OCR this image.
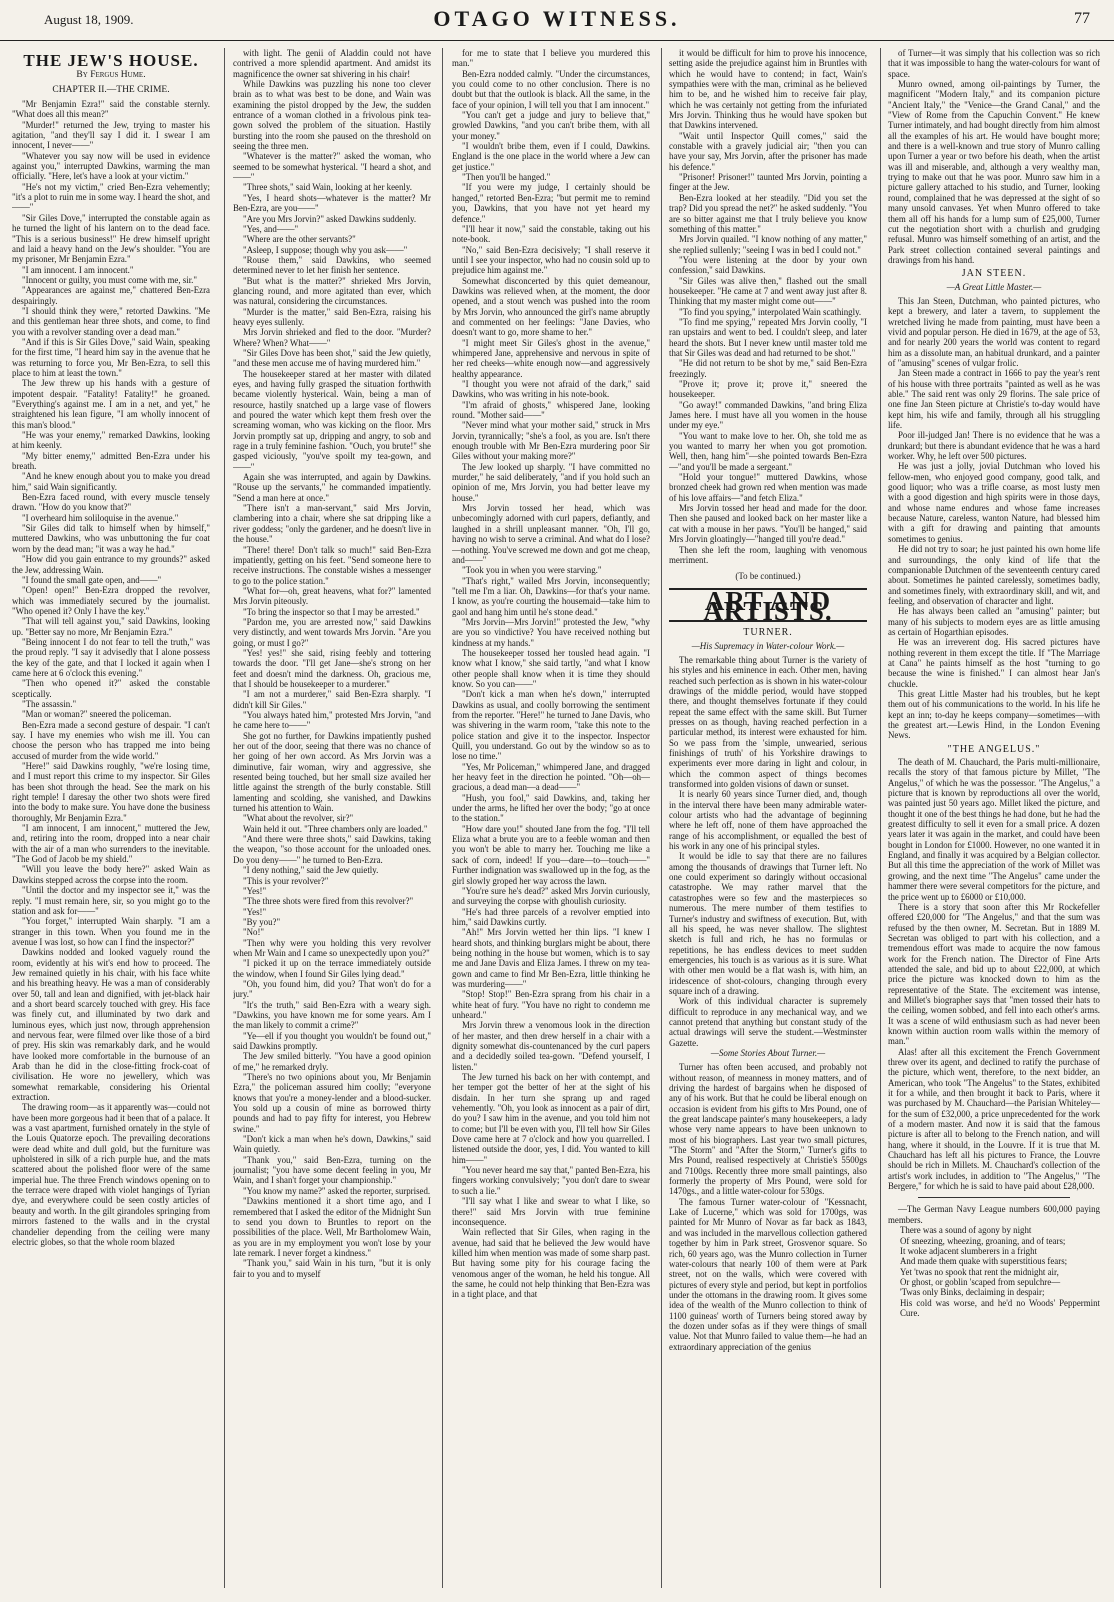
August 18, 1909.	OTAGO WITNESS.	77
THE JEW'S HOUSE.
By Fergus Hume.
CHAPTER II.—THE CRIME.

"Mr Benjamin Ezra!" said the constable sternly. "What does all this mean?"

"Murder!" returned the Jew, trying to master his agitation, "and they'll say I did it. I swear I am innocent, I never——"

"Whatever you say now will be used in evidence against you," interrupted Dawkins, warming the man officially. "Here, let's have a look at your victim."

"He's not my victim," cried Ben-Ezra vehemently; "it's a plot to ruin me in some way. I heard the shot, and——"

"Sir Giles Dove," interrupted the constable again as he turned the light of his lantern on to the dead face. "This is a serious business!" He drew himself upright and laid a heavy hand on the Jew's shoulder. "You are my prisoner, Mr Benjamin Ezra."

"I am innocent. I am innocent."

"Innocent or guilty, you must come with me, sir."

"Appearances are against me," chattered Ben-Ezra despairingly.

"I should think they were," retorted Dawkins. "Me and this gentleman hear three shots, and come, to find you with a revolver standing over a dead man."

"And if this is Sir Giles Dove," said Wain, speaking for the first time, "I heard him say in the avenue that he was returning to force you, Mr Ben-Ezra, to sell this place to him at least the town."

The Jew threw up his hands with a gesture of impotent despair. "Fatality! Fatality!" he groaned. "Everything's against me. I am in a net, and yet," he straightened his lean figure, "I am wholly innocent of this man's blood."

"He was your enemy," remarked Dawkins, looking at him keenly.

"My bitter enemy," admitted Ben-Ezra under his breath.

"And he knew enough about you to make you dread him," said Wain significantly.

Ben-Ezra faced round, with every muscle tensely drawn. "How do you know that?"

"I overheard him soliloquise in the avenue."

"Sir Giles did talk to himself when by himself," muttered Dawkins, who was unbuttoning the fur coat worn by the dead man; "it was a way he had."

"How did you gain entrance to my grounds?" asked the Jew, addressing Wain.

"I found the small gate open, and——"

"Open! open!" Ben-Ezra dropped the revolver, which was immediately secured by the journalist. "Who opened it? Only I have the key."

"That will tell against you," said Dawkins, looking up. "Better say no more, Mr Benjamin Ezra."

"Being innocent I do not fear to tell the truth," was the proud reply. "I say it advisedly that I alone possess the key of the gate, and that I locked it again when I came here at 6 o'clock this evening."

"Then who opened it?" asked the constable sceptically.

"The assassin."

"Man or woman?" sneered the policeman.

Ben-Ezra made a second gesture of despair. "I can't say. I have my enemies who wish me ill. You can choose the person who has trapped me into being accused of murder from the wide world."

"Here!" said Dawkins roughly, "we're losing time, and I must report this crime to my inspector. Sir Giles has been shot through the head. See the mark on his right temple! I daresay the other two shots were fired into the body to make sure. You have done the business thoroughly, Mr Benjamin Ezra."

"I am innocent, I am innocent," muttered the Jew, and, retiring into the room, dropped into a near chair with the air of a man who surrenders to the inevitable. "The God of Jacob be my shield."

"Will you leave the body here?" asked Wain as Dawkins stepped across the corpse into the room.

"Until the doctor and my inspector see it," was the reply. "I must remain here, sir, so you might go to the station and ask for——"

"You forget," interrupted Wain sharply. "I am a stranger in this town. When you found me in the avenue I was lost, so how can I find the inspector?"

Dawkins nodded and looked vaguely round the room, evidently at his wit's end how to proceed. The Jew remained quietly in his chair, with his face white and his breathing heavy. He was a man of considerably over 50, tall and lean and dignified, with jet-black hair and a short beard scarcely touched with grey. His face was finely cut, and illuminated by two dark and luminous eyes, which just now, through apprehension and nervous fear, were filmed over like those of a bird of prey. His skin was remarkably dark, and he would have looked more comfortable in the burnouse of an Arab than he did in the close-fitting frock-coat of civilisation. He wore no jewellery, which was somewhat remarkable, considering his Oriental extraction.

The drawing room—as it apparently was—could not have been more gorgeous had it been that of a palace. It was a vast apartment, furnished ornately in the style of the Louis Quatorze epoch. The prevailing decorations were dead white and dull gold, but the furniture was upholstered in silk of a rich purple hue, and the mats scattered about the polished floor were of the same imperial hue. The three French windows opening on to the terrace were draped with violet hangings of Tyrian dye, and everywhere could be seen costly articles of beauty and worth. In the gilt girandoles springing from mirrors fastened to the walls and in the crystal chandelier depending from the ceiling were many electric globes, so that the whole room blazed

with light. The genii of Aladdin could not have contrived a more splendid apartment. And amidst its magnificence the owner sat shivering in his chair!

While Dawkins was puzzling his none too clever brain as to what was best to be done, and Wain was examining the pistol dropped by the Jew, the sudden entrance of a woman clothed in a frivolous pink tea-gown solved the problem of the situation. Hastily bursting into the room she paused on the threshold on seeing the three men.

"Whatever is the matter?" asked the woman, who seemed to be somewhat hysterical. "I heard a shot, and——"

"Three shots," said Wain, looking at her keenly.

"Yes, I heard shots—whatever is the matter? Mr Ben-Ezra, are you——"

"Are you Mrs Jorvin?" asked Dawkins suddenly.

"Yes, and——"

"Where are the other servants?"

"Asleep, I suppose; though why you ask——"

"Rouse them," said Dawkins, who seemed determined never to let her finish her sentence.

"But what is the matter?" shrieked Mrs Jorvin, glancing round, and more agitated than ever, which was natural, considering the circumstances.

"Murder is the matter," said Ben-Ezra, raising his heavy eyes sullenly.

Mrs Jorvin shrieked and fled to the door. "Murder? Where? When? What——"

"Sir Giles Dove has been shot," said the Jew quietly, "and these men accuse me of having murdered him."

The housekeeper stared at her master with dilated eyes, and having fully grasped the situation forthwith became violently hysterical. Wain, being a man of resource, hastily snatched up a large vase of flowers and poured the water which kept them fresh over the screaming woman, who was kicking on the floor. Mrs Jorvin promptly sat up, dripping and angry, to sob and rage in a truly feminine fashion. "Ouch, you brute!" she gasped viciously, "you've spoilt my tea-gown, and——"

Again she was interrupted, and again by Dawkins. "Rouse up the servants," he commanded impatiently. "Send a man here at once."

"There isn't a man-servant," said Mrs Jorvin, clambering into a chair, where she sat dripping like a river goddess; "only the gardener, and he doesn't live in the house."

"There! there! Don't talk so much!" said Ben-Ezra impatiently, getting on his feet. "Send someone here to receive instructions. The constable wishes a messenger to go to the police station."

"What for—oh, great heavens, what for?" lamented Mrs Jorvin piteously.

"To bring the inspector so that I may be arrested."

"Pardon me, you are arrested now," said Dawkins very distinctly, and went towards Mrs Jorvin. "Are you going, or must I go?"

"Yes! yes!" she said, rising feebly and tottering towards the door. "I'll get Jane—she's strong on her feet and doesn't mind the darkness. Oh, gracious me, that I should be housekeeper to a murderer."

"I am not a murderer," said Ben-Ezra sharply. "I didn't kill Sir Giles."

"You always hated him," protested Mrs Jorvin, "and he came here to——"

She got no further, for Dawkins impatiently pushed her out of the door, seeing that there was no chance of her going of her own accord. As Mrs Jorvin was a diminutive, fair woman, wiry and aggressive, she resented being touched, but her small size availed her little against the strength of the burly constable. Still lamenting and scolding, she vanished, and Dawkins turned his attention to Wain.

"What about the revolver, sir?"

Wain held it out. "Three chambers only are loaded."

"And there were three shots," said Dawkins, taking the weapon, "so those account for the unloaded ones. Do you deny——" he turned to Ben-Ezra.

"I deny nothing," said the Jew quietly.

"This is your revolver?"

"Yes!"

"The three shots were fired from this revolver?"

"Yes!"

"By you?"

"No!"

"Then why were you holding this very revolver when Mr Wain and I came so unexpectedly upon you?"

"I picked it up on the terrace immediately outside the window, when I found Sir Giles lying dead."

"Oh, you found him, did you? That won't do for a jury."

"It's the truth," said Ben-Ezra with a weary sigh. "Dawkins, you have known me for some years. Am I the man likely to commit a crime?"

"Ye—ell if you thought you wouldn't be found out," said Dawkins promptly.

The Jew smiled bitterly. "You have a good opinion of me," he remarked dryly.

"There's no two opinions about you, Mr Benjamin Ezra," the policeman assured him coolly; "everyone knows that you're a money-lender and a blood-sucker. You sold up a cousin of mine as borrowed thirty pounds and had to pay fifty for interest, you Hebrew swine."

"Don't kick a man when he's down, Dawkins," said Wain quietly.

"Thank you," said Ben-Ezra, turning on the journalist; "you have some decent feeling in you, Mr Wain, and I shan't forget your championship."

"You know my name?" asked the reporter, surprised.

"Dawkins mentioned it a short time ago, and I remembered that I asked the editor of the Midnight Sun to send you down to Bruntles to report on the possibilities of the place. Well, Mr Bartholomew Wain, as you are in my employment you won't lose by your late remark. I never forget a kindness."

"Thank you," said Wain in his turn, "but it is only fair to you and to myself

for me to state that I believe you murdered this man."

Ben-Ezra nodded calmly. "Under the circumstances, you could come to no other conclusion. There is no doubt but that the outlook is black. All the same, in the face of your opinion, I will tell you that I am innocent."

"You can't get a judge and jury to believe that," growled Dawkins, "and you can't bribe them, with all your money."

"I wouldn't bribe them, even if I could, Dawkins. England is the one place in the world where a Jew can get justice."

"Then you'll be hanged."

"If you were my judge, I certainly should be hanged," retorted Ben-Ezra; "but permit me to remind you, Dawkins, that you have not yet heard my defence."

"I'll hear it now," said the constable, taking out his note-book.

"No," said Ben-Ezra decisively; "I shall reserve it until I see your inspector, who had no cousin sold up to prejudice him against me."

Somewhat disconcerted by this quiet demeanour, Dawkins was relieved when, at the moment, the door opened, and a stout wench was pushed into the room by Mrs Jorvin, who announced the girl's name abruptly and commented on her feelings: "Jane Davies, who doesn't want to go, more shame to her."

"I might meet Sir Giles's ghost in the avenue," whimpered Jane, apprehensive and nervous in spite of her red cheeks—white enough now—and aggressively healthy appearance.

"I thought you were not afraid of the dark," said Dawkins, who was writing in his note-book.

"I'm afraid of ghosts," whispered Jane, looking round. "Mother said——"

"Never mind what your mother said," struck in Mrs Jorvin, tyrannically; "she's a fool, as you are. Isn't there enough trouble with Mr Ben-Ezra murdering poor Sir Giles without your making more?"

The Jew looked up sharply. "I have committed no murder," he said deliberately, "and if you hold such an opinion of me, Mrs Jorvin, you had better leave my house."

Mrs Jorvin tossed her head, which was unbecomingly adorned with curl papers, defiantly, and laughed in a shrill unpleasant manner. "Oh, I'll go, having no wish to serve a criminal. And what do I lose?—nothing. You've screwed me down and got me cheap, and——"

"Took you in when you were starving."

"That's right," wailed Mrs Jorvin, inconsequently; "tell me I'm a liar. Oh, Dawkins—for that's your name. I know, as you're courting the housemaid—take him to gaol and hang him until he's stone dead."

"Mrs Jorvin—Mrs Jorvin!" protested the Jew, "why are you so vindictive? You have received nothing but kindness at my hands."

The housekeeper tossed her tousled head again. "I know what I know," she said tartly, "and what I know other people shall know when it is time they should know. So you can——"

"Don't kick a man when he's down," interrupted Dawkins as usual, and coolly borrowing the sentiment from the reporter. "Here!" he turned to Jane Davis, who was shivering in the warm room, "take this note to the police station and give it to the inspector. Inspector Quill, you understand. Go out by the window so as to lose no time."

"Yes, Mr Policeman," whimpered Jane, and dragged her heavy feet in the direction he pointed. "Oh—oh—gracious, a dead man—a dead——"

"Hush, you fool," said Dawkins, and, taking her under the arms, he lifted her over the body; "go at once to the station."

"How dare you!" shouted Jane from the fog. "I'll tell Eliza what a brute you are to a feeble woman and then you won't be able to marry her. Touching me like a sack of corn, indeed! If you—dare—to—touch——" Further indignation was swallowed up in the fog, as the girl slowly groped her way across the lawn.

"You're sure he's dead?" asked Mrs Jorvin curiously, and surveying the corpse with ghoulish curiosity.

"He's had three parcels of a revolver emptied into him," said Dawkins curtly.

"Ah!" Mrs Jorvin wetted her thin lips. "I knew I heard shots, and thinking burglars might be about, there being nothing in the house but women, which is to say me and Jane Davis and Eliza James. I threw on my tea-gown and came to find Mr Ben-Ezra, little thinking he was murdering——"

"Stop! Stop!" Ben-Ezra sprang from his chair in a white heat of fury. "You have no right to condemn me unheard."

Mrs Jorvin threw a venomous look in the direction of her master, and then drew herself in a chair with a dignity somewhat dis-countenanced by the curl papers and a decidedly soiled tea-gown. "Defend yourself, I listen."

The Jew turned his back on her with contempt, and her temper got the better of her at the sight of his disdain. In her turn she sprang up and raged vehemently. "Oh, you look as innocent as a pair of dirt, do you? I saw him in the avenue, and you told him not to come; but I'll be even with you, I'll tell how Sir Giles Dove came here at 7 o'clock and how you quarrelled. I listened outside the door, yes, I did. You wanted to kill him——"

"You never heard me say that," panted Ben-Ezra, his fingers working convulsively; "you don't dare to swear to such a lie."

"I'll say what I like and swear to what I like, so there!" said Mrs Jorvin with true feminine inconsequence.

Wain reflected that Sir Giles, when raging in the avenue, had said that he believed the Jew would have killed him when mention was made of some sharp past. But having some pity for his courage facing the venomous anger of the woman, he held his tongue. All the same, he could not help thinking that Ben-Ezra was in a tight place, and that

it would be difficult for him to prove his innocence, setting aside the prejudice against him in Bruntles with which he would have to contend; in fact, Wain's sympathies were with the man, criminal as he believed him to be, and he wished him to receive fair play, which he was certainly not getting from the infuriated Mrs Jorvin. Thinking thus he would have spoken but that Dawkins intervened.

"Wait until Inspector Quill comes," said the constable with a gravely judicial air; "then you can have your say, Mrs Jorvin, after the prisoner has made his defence."

"Prisoner! Prisoner!" taunted Mrs Jorvin, pointing a finger at the Jew.

Ben-Ezra looked at her steadily. "Did you set the trap? Did you spread the net?" he asked suddenly. "You are so bitter against me that I truly believe you know something of this matter."

Mrs Jorvin quailed. "I know nothing of any matter," she replied sullenly; "seeing I was in bed I could not."

"You were listening at the door by your own confession," said Dawkins.

"Sir Giles was alive then," flashed out the small housekeeper. "He came at 7 and went away just after 8. Thinking that my master might come out——"

"To find you spying," interpolated Wain scathingly.

"To find me spying," repeated Mrs Jorvin coolly, "I ran upstairs and went to bed. I couldn't sleep, and later heard the shots. But I never knew until master told me that Sir Giles was dead and had returned to be shot."

"He did not return to be shot by me," said Ben-Ezra freezingly.

"Prove it; prove it; prove it," sneered the housekeeper.

"Go away!" commanded Dawkins, "and bring Eliza James here. I must have all you women in the house under my eye."

"You want to make love to her. Oh, she told me as you wanted to marry her when you got promotion. Well, then, hang him"—she pointed towards Ben-Ezra—"and you'll be made a sergeant."

"Hold your tongue!" muttered Dawkins, whose bronzed cheek had grown red when mention was made of his love affairs—"and fetch Eliza."

Mrs Jorvin tossed her head and made for the door. Then she paused and looked back on her master like a cat with a mouse in her paws. "You'll be hanged," said Mrs Jorvin gloatingly—"hanged till you're dead."

Then she left the room, laughing with venomous merriment.

(To be continued.)
ART AND ARTISTS.
TURNER.
—His Supremacy in Water-colour Work.—

The remarkable thing about Turner is the variety of his styles and his eminence in each. Other men, having reached such perfection as is shown in his water-colour drawings of the middle period, would have stopped there, and thought themselves fortunate if they could repeat the same effect with the same skill. But Turner presses on as though, having reached perfection in a particular method, its interest were exhausted for him. So we pass from the 'simple, unwearied, serious finishings of truth' of his Yorkshire drawings to experiments ever more daring in light and colour, in which the common aspect of things becomes transformed into golden visions of dawn or sunset.

It is nearly 60 years since Turner died, and, though in the interval there have been many admirable water-colour artists who had the advantage of beginning where he left off, none of them have approached the range of his accomplishment, or equalled the best of his work in any one of his principal styles.

It would be idle to say that there are no failures among the thousands of drawings that Turner left. No one could experiment so daringly without occasional catastrophe. We may rather marvel that the catastrophes were so few and the masterpieces so numerous. The mere number of them testifies to Turner's industry and swiftness of execution. But, with all his speed, he was never shallow. The slightest sketch is full and rich, he has no formulas or repetitions, he has endless devices to meet sudden emergencies, his touch is as various as it is sure. What with other men would be a flat wash is, with him, an iridescence of shot-colours, changing through every square inch of a drawing.

Work of this individual character is supremely difficult to reproduce in any mechanical way, and we cannot pretend that anything but constant study of the actual drawings will serve the student.—Westminster Gazette.

—Some Stories About Turner.—

Turner has often been accused, and probably not without reason, of meanness in money matters, and of driving the hardest of bargains when he disposed of any of his work. But that he could be liberal enough on occasion is evident from his gifts to Mrs Pound, one of the great landscape painter's many housekeepers, a lady whose very name appears to have been unknown to most of his biographers. Last year two small pictures, "The Storm" and "After the Storm," Turner's gifts to Mrs Pound, realised respectively at Christie's 5500gs and 7100gs. Recently three more small paintings, also formerly the property of Mrs Pound, were sold for 1470gs., and a little water-colour for 530gs.

The famous Turner water-colour of "Kessnacht, Lake of Lucerne," which was sold for 1700gs, was painted for Mr Munro of Novar as far back as 1843, and was included in the marvellous collection gathered together by him in Park street, Grosvenor square. So rich, 60 years ago, was the Munro collection in Turner water-colours that nearly 100 of them were at Park street, not on the walls, which were covered with pictures of every style and period, but kept in portfolios under the ottomans in the drawing room. It gives some idea of the wealth of the Munro collection to think of 1100 guineas' worth of Turners being stored away by the dozen under sofas as if they were things of small value. Not that Munro failed to value them—he had an extraordinary appreciation of the genius

of Turner—it was simply that his collection was so rich that it was impossible to hang the water-colours for want of space.

Munro owned, among oil-paintings by Turner, the magnificent "Modern Italy," and its companion picture "Ancient Italy," the "Venice—the Grand Canal," and the "View of Rome from the Capuchin Convent." He knew Turner intimately, and had bought directly from him almost all the examples of his art. He would have bought more; and there is a well-known and true story of Munro calling upon Turner a year or two before his death, when the artist was ill and miserable, and, although a very wealthy man, trying to make out that he was poor. Munro saw him in a picture gallery attached to his studio, and Turner, looking round, complained that he was depressed at the sight of so many unsold canvases. Yet when Munro offered to take them all off his hands for a lump sum of £25,000, Turner cut the negotiation short with a churlish and grudging refusal. Munro was himself something of an artist, and the Park street collection contained several paintings and drawings from his hand.

JAN STEEN.
—A Great Little Master.—

This Jan Steen, Dutchman, who painted pictures, who kept a brewery, and later a tavern, to supplement the wretched living he made from painting, must have been a vivid and popular person. He died in 1679, at the age of 53, and for nearly 200 years the world was content to regard him as a dissolute man, an habitual drunkard, and a painter of "amusing" scenes of vulgar frolic.

Jan Steen made a contract in 1666 to pay the year's rent of his house with three portraits "painted as well as he was able." The said rent was only 29 florins. The sale price of one fine Jan Steen picture at Christie's to-day would have kept him, his wife and family, through all his struggling life.

Poor ill-judged Jan! There is no evidence that he was a drunkard; but there is abundant evidence that he was a hard worker. Why, he left over 500 pictures.

He was just a jolly, jovial Dutchman who loved his fellow-men, who enjoyed good company, good talk, and good liquor; who was a trifle coarse, as most lusty men with a good digestion and high spirits were in those days, and whose name endures and whose fame increases because Nature, careless, wanton Nature, had blessed him with a gift for drawing and painting that amounts sometimes to genius.

He did not try to soar; he just painted his own home life and surroundings, the only kind of life that the companionable Dutchmen of the seventeenth century cared about. Sometimes he painted carelessly, sometimes badly, and sometimes finely, with extraordinary skill, and wit, and feeling, and observation of character and light.

He has always been called an "amusing" painter; but many of his subjects to modern eyes are as little amusing as certain of Hogarthian episodes.

He was an irreverent dog. His sacred pictures have nothing reverent in them except the title. If "The Marriage at Cana" he paints himself as the host "turning to go because the wine is finished." I can almost hear Jan's chuckle.

This great Little Master had his troubles, but he kept them out of his communications to the world. In his life he kept an inn; to-day he keeps company—sometimes—with the greatest art.—Lewis Hind, in the London Evening News.

"THE ANGELUS."

The death of M. Chauchard, the Paris multi-millionaire, recalls the story of that famous picture by Millet, "The Angelus," of which he was the possessor. "The Angelus," a picture that is known by reproductions all over the world, was painted just 50 years ago. Millet liked the picture, and thought it one of the best things he had done, but he had the greatest difficulty to sell it even for a small price. A dozen years later it was again in the market, and could have been bought in London for £1000. However, no one wanted it in England, and finally it was acquired by a Belgian collector. But all this time the appreciation of the work of Millet was growing, and the next time "The Angelus" came under the hammer there were several competitors for the picture, and the price went up to £6000 or £10,000.

There is a story that soon after this Mr Rockefeller offered £20,000 for "The Angelus," and that the sum was refused by the then owner, M. Secretan. But in 1889 M. Secretan was obliged to part with his collection, and a tremendous effort was made to acquire the now famous work for the French nation. The Director of Fine Arts attended the sale, and bid up to about £22,000, at which price the picture was knocked down to him as the representative of the State. The excitement was intense, and Millet's biographer says that "men tossed their hats to the ceiling, women sobbed, and fell into each other's arms. It was a scene of wild enthusiasm such as had never been known within auction room walls within the memory of man."

Alas! after all this excitement the French Government threw over its agent, and declined to ratify the purchase of the picture, which went, therefore, to the next bidder, an American, who took "The Angelus" to the States, exhibited it for a while, and then brought it back to Paris, where it was purchased by M. Chauchard—the Parisian Whiteley—for the sum of £32,000, a price unprecedented for the work of a modern master. And now it is said that the famous picture is after all to belong to the French nation, and will hang, where it should, in the Louvre. If it is true that M. Chauchard has left all his pictures to France, the Louvre should be rich in Millets. M. Chauchard's collection of the artist's work includes, in addition to "The Angelus," "The Bergere," for which he is said to have paid about £28,000.

—The German Navy League numbers 600,000 paying members.

There was a sound of agony by night

Of sneezing, wheezing, groaning, and of tears;

It woke adjacent slumberers in a fright

And made them quake with superstitious fears;

Yet 'twas no spook that rent the midnight air,

Or ghost, or goblin 'scaped from sepulchre—

'Twas only Binks, declaiming in despair;

His cold was worse, and he'd no Woods' Peppermint Cure.
